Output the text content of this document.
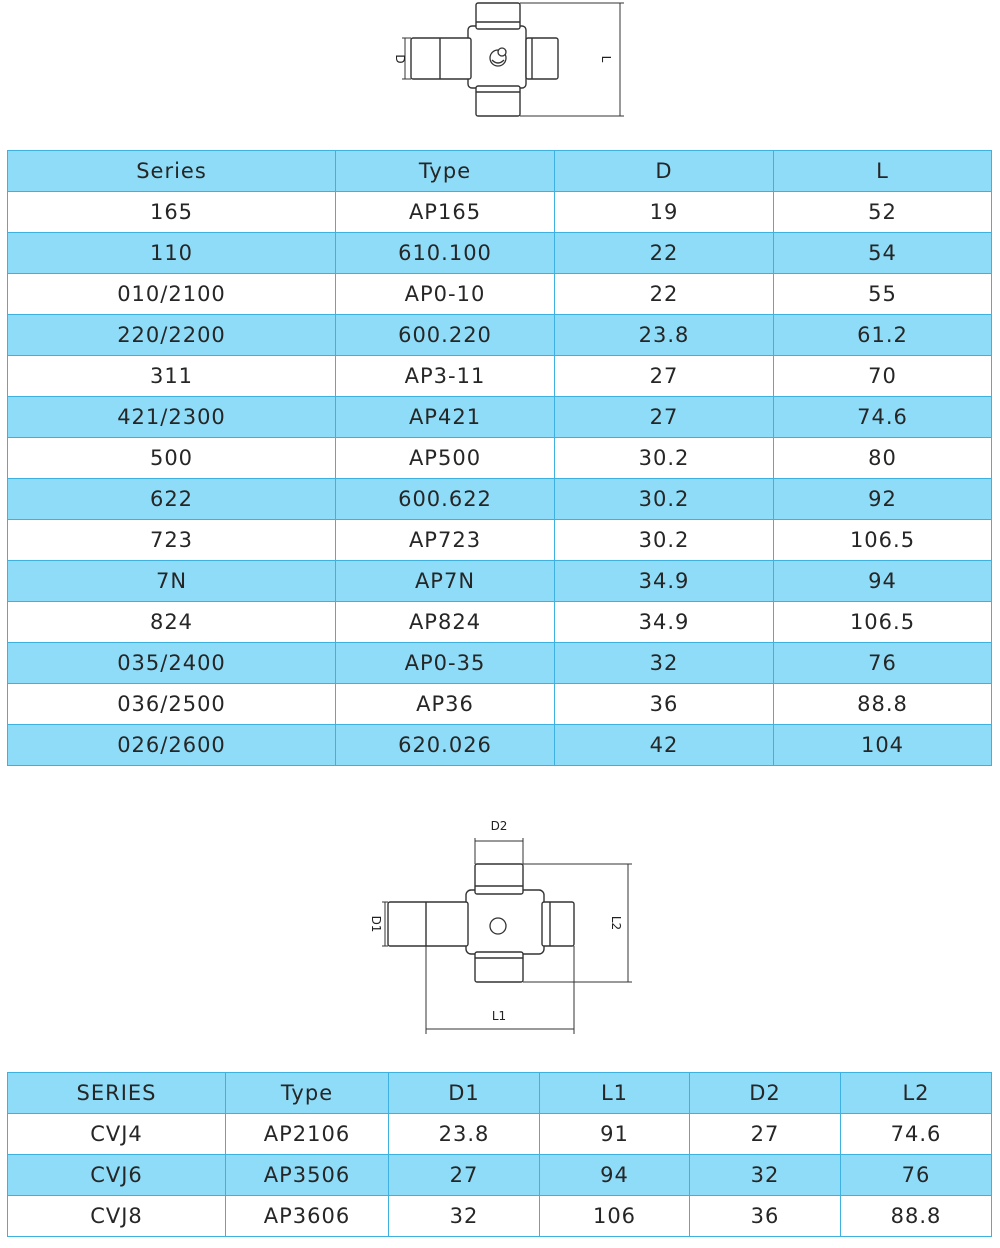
D	L
Series	Type	D	L
165	AP165	19	52
110	610.100	22	54
010/2100	AP0-10	22	55
220/2200	600.220	23.8	61.2
311	AP3-11	27	70
421/2300	AP421	27	74.6
500	AP500	30.2	80
622	600.622	30.2	92
723	AP723	30.2	106.5
7N	AP7N	34.9	94
824	AP824	34.9	106.5
035/2400	AP0-35	32	76
036/2500	AP36	36	88.8
026/2600	620.026	42	104
D2
D1	L2
L1
SERIES	Type	D1	L1	D2	L2
CVJ4	AP2106	23.8	91	27	74.6
CVJ6	AP3506	27	94	32	76
CVJ8	AP3606	32	106	36	88.8
